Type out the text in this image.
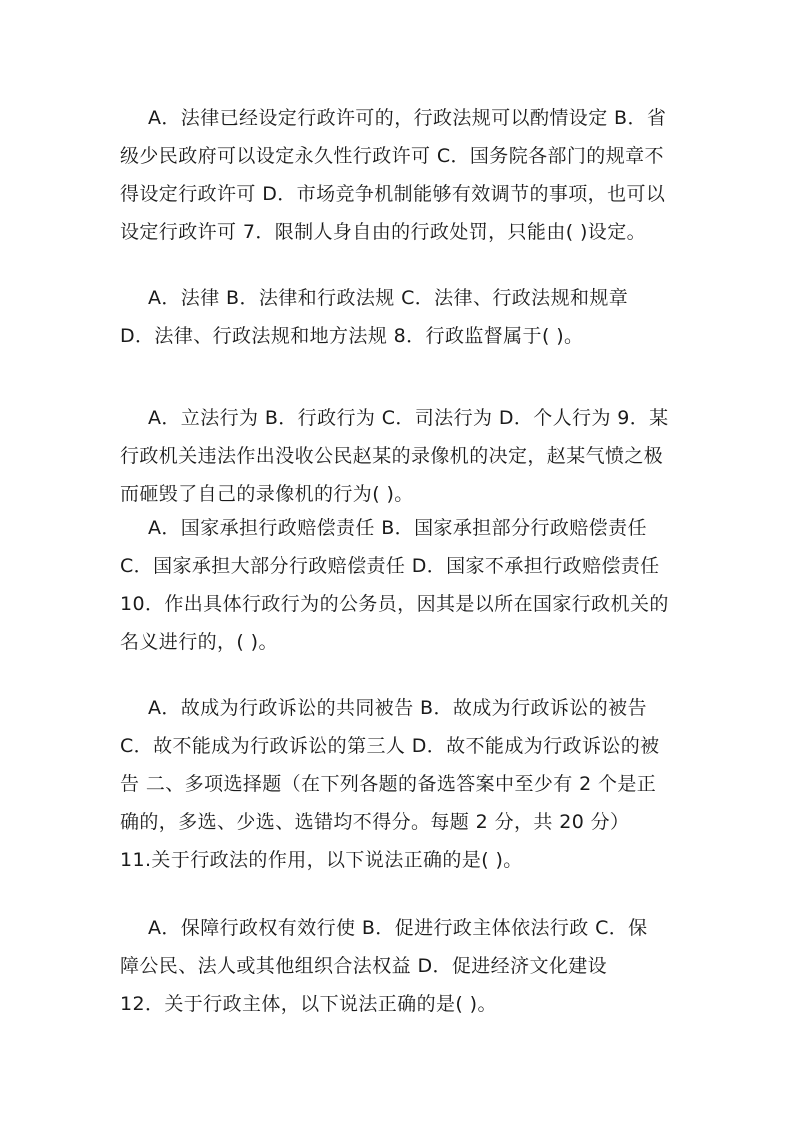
A．法律已经设定行政许可的，行政法规可以酌情设定 B．省
级少民政府可以设定永久性行政许可 C．国务院各部门的规章不
得设定行政许可 D．市场竞争机制能够有效调节的事项，也可以
设定行政许可 7．限制人身自由的行政处罚，只能由( )设定。
A．法律 B．法律和行政法规 C．法律、行政法规和规章
D．法律、行政法规和地方法规 8．行政监督属于( )。
A．立法行为 B．行政行为 C．司法行为 D．个人行为 9．某
行政机关违法作出没收公民赵某的录像机的决定，赵某气愤之极
而砸毁了自己的录像机的行为( )。
A．国家承担行政赔偿责任 B．国家承担部分行政赔偿责任
C．国家承担大部分行政赔偿责任 D．国家不承担行政赔偿责任
10．作出具体行政行为的公务员，因其是以所在国家行政机关的
名义进行的，( )。
A．故成为行政诉讼的共同被告 B．故成为行政诉讼的被告
C．故不能成为行政诉讼的第三人 D．故不能成为行政诉讼的被
告 二、多项选择题（在下列各题的备选答案中至少有 2 个是正
确的，多选、少选、选错均不得分。每题 2 分，共 20 分）
11.关于行政法的作用，以下说法正确的是( )。
A．保障行政权有效行使 B．促进行政主体依法行政 C．保
障公民、法人或其他组织合法权益 D．促进经济文化建设
12．关于行政主体，以下说法正确的是( )。
